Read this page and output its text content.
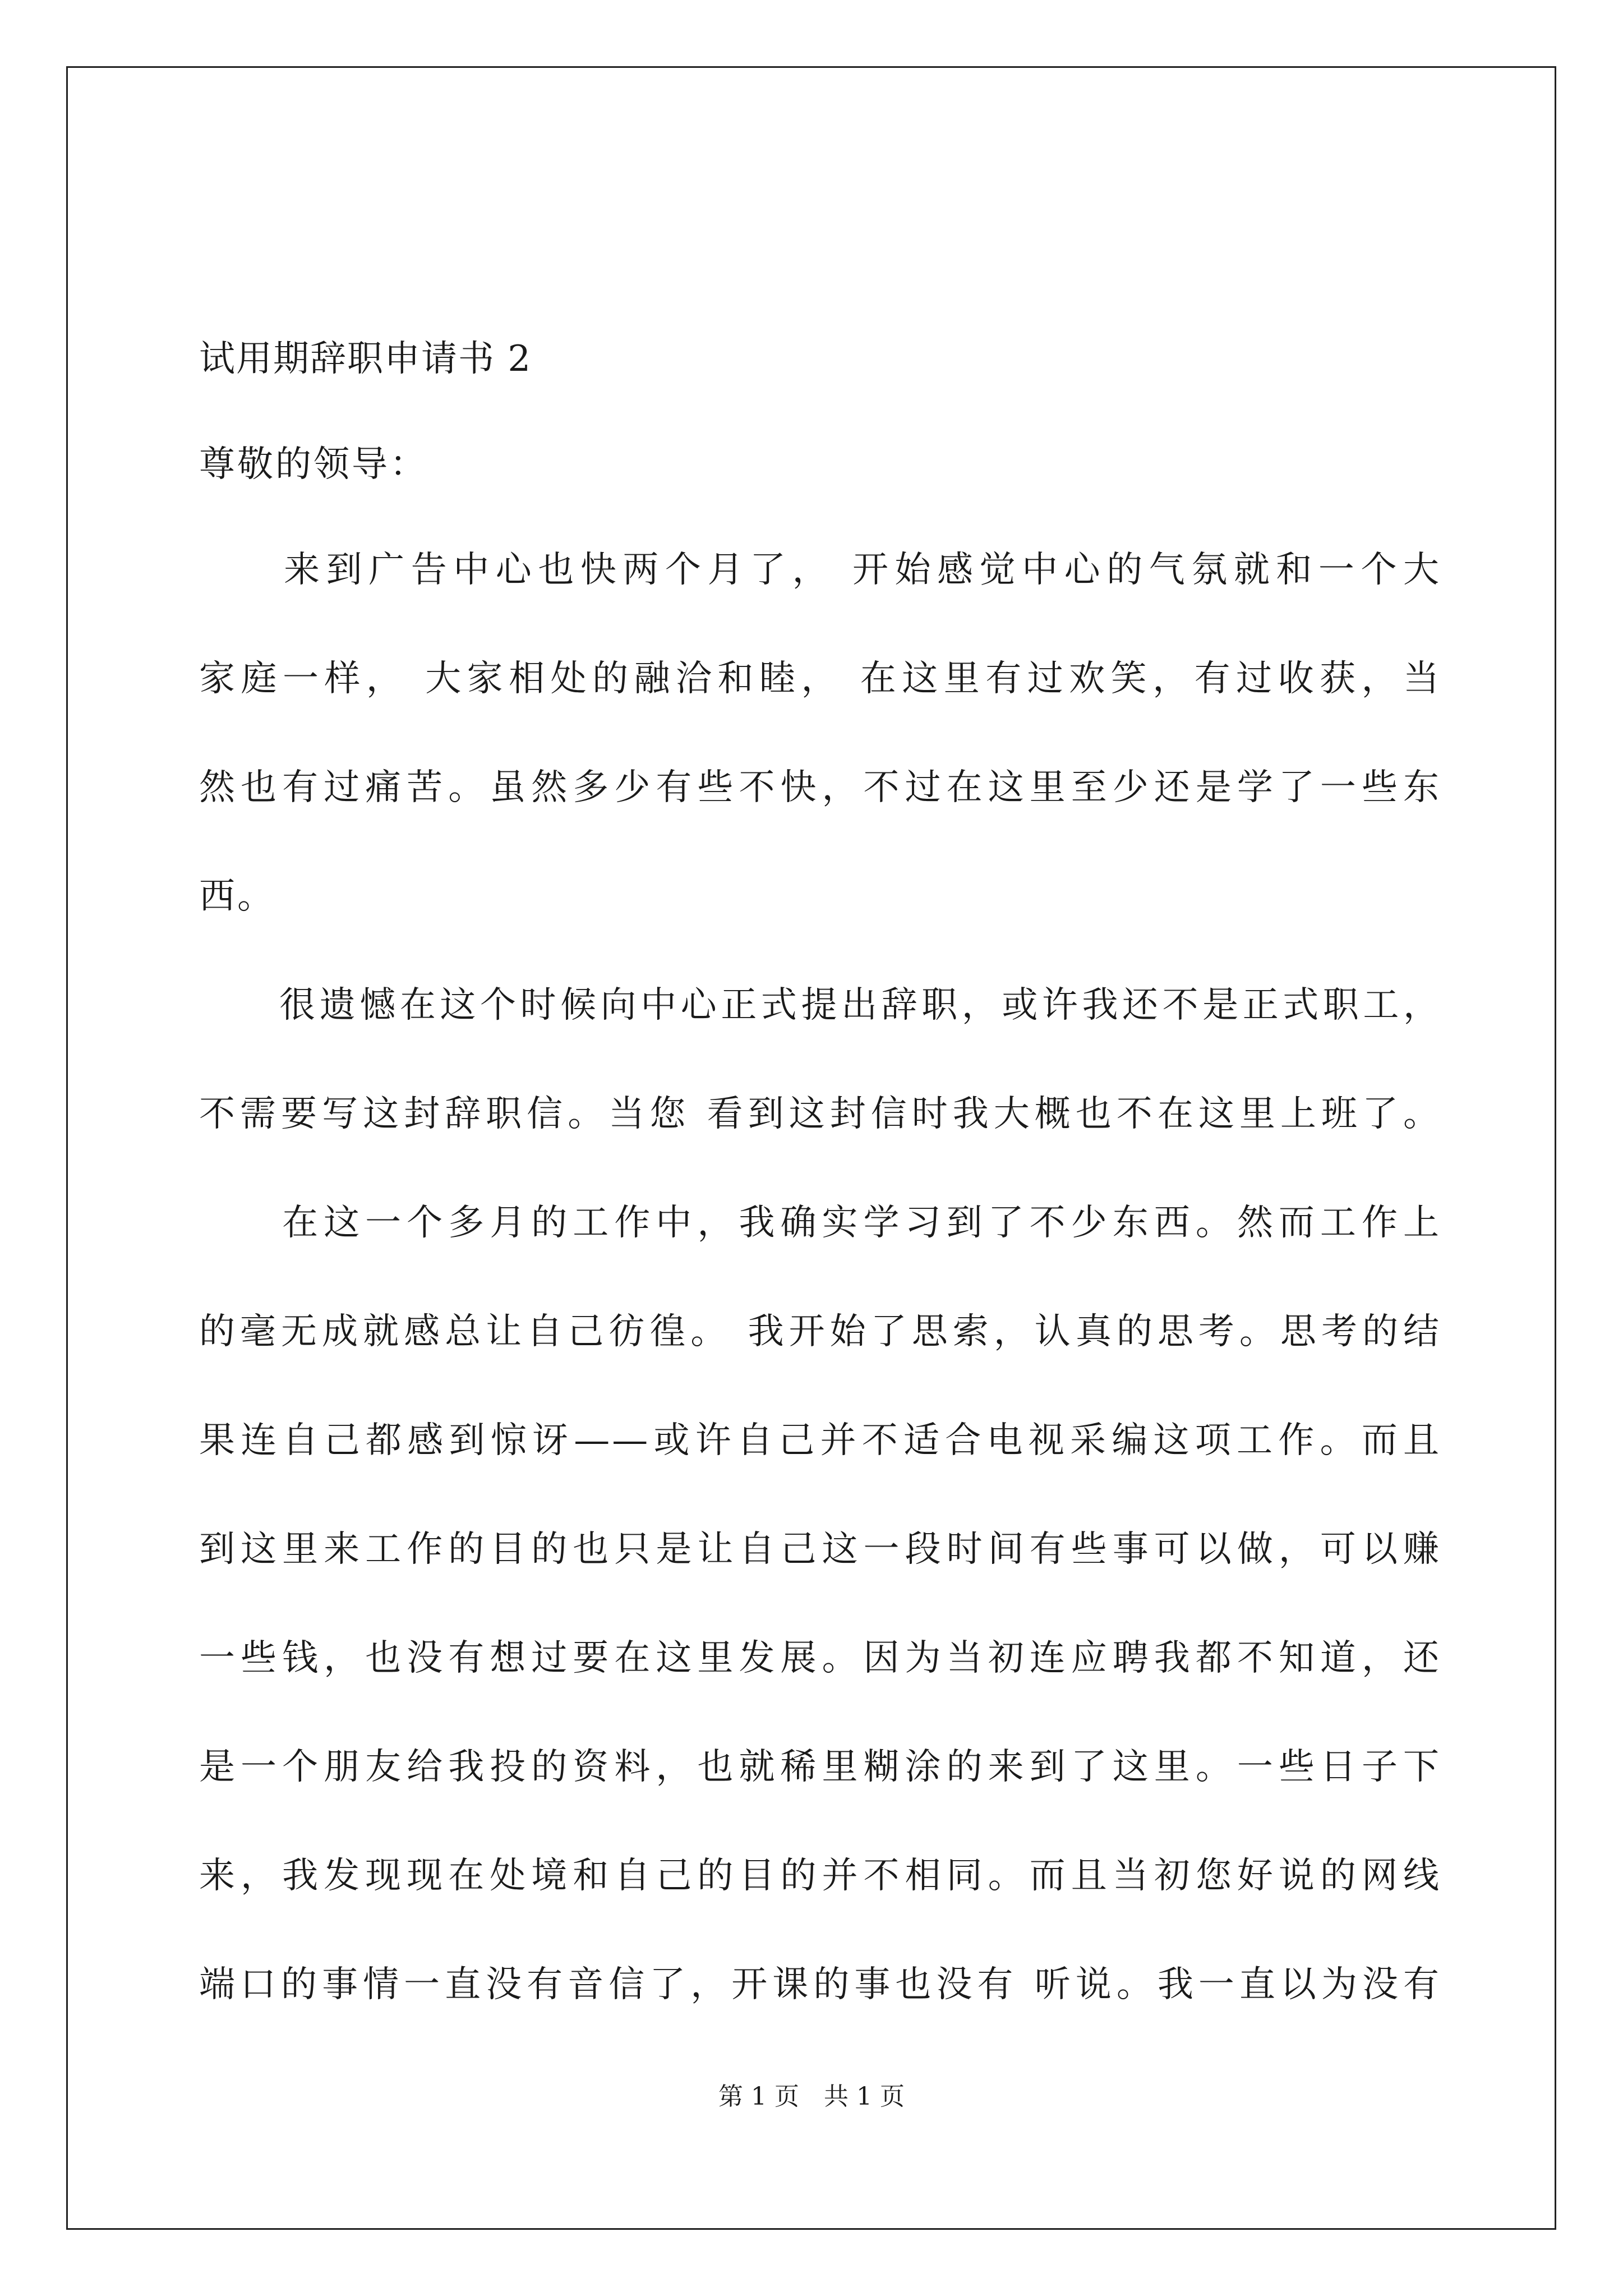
试用期辞职申请书 2
尊敬的领导：
　　来到广告中心也快两个月了， 开始感觉中心的气氛就和一个大
家庭一样， 大家相处的融洽和睦， 在这里有过欢笑，有过收获，当
然也有过痛苦。虽然多少有些不快，不过在这里至少还是学了一些东
西。
　　很遗憾在这个时候向中心正式提出辞职，或许我还不是正式职工，
不需要写这封辞职信。当您 看到这封信时我大概也不在这里上班了。
　　在这一个多月的工作中，我确实学习到了不少东西。然而工作上
的毫无成就感总让自己彷徨。 我开始了思索，认真的思考。思考的结
果连自己都感到惊讶——或许自己并不适合电视采编这项工作。而且
到这里来工作的目的也只是让自己这一段时间有些事可以做，可以赚
一些钱，也没有想过要在这里发展。因为当初连应聘我都不知道，还
是一个朋友给我投的资料，也就稀里糊涂的来到了这里。一些日子下
来，我发现现在处境和自己的目的并不相同。而且当初您好说的网线
端口的事情一直没有音信了，开课的事也没有 听说。我一直以为没有
第 1 页　共 1 页
